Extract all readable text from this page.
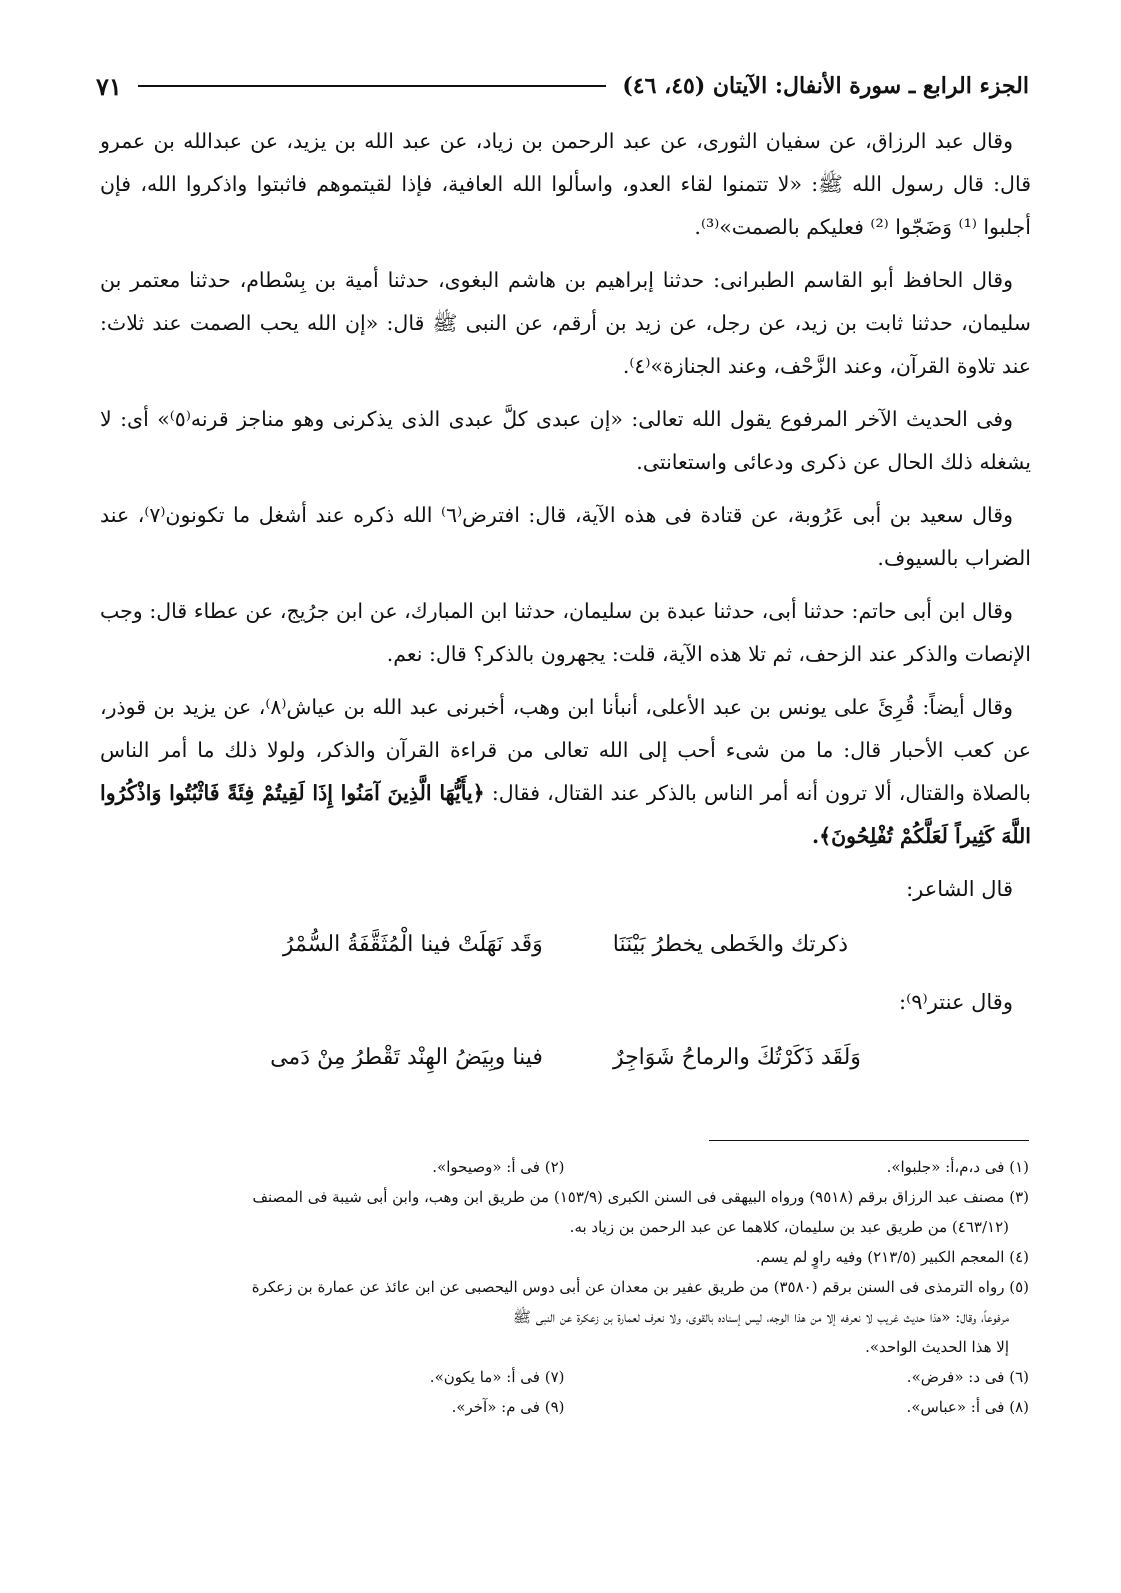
الجزء الرابع ـ سورة الأنفال: الآيتان (٤٥، ٤٦)
٧١

وقال عبد الرزاق، عن سفيان الثورى، عن عبد الرحمن بن زياد، عن عبد الله بن يزيد، عن عبدالله بن عمرو قال: قال رسول الله ﷺ: «لا تتمنوا لقاء العدو، واسألوا الله العافية، فإذا لقيتموهم فاثبتوا واذكروا الله، فإن أجلبوا ⁽¹⁾ وَضَجّوا ⁽²⁾ فعليكم بالصمت»⁽³⁾.

وقال الحافظ أبو القاسم الطبرانى: حدثنا إبراهيم بن هاشم البغوى، حدثنا أمية بن بِسْطام، حدثنا معتمر بن سليمان، حدثنا ثابت بن زيد، عن رجل، عن زيد بن أرقم، عن النبى ﷺ قال: «إن الله يحب الصمت عند ثلاث: عند تلاوة القرآن، وعند الزَّحْف، وعند الجنازة»⁽٤⁾.

وفى الحديث الآخر المرفوع يقول الله تعالى: «إن عبدى كلَّ عبدى الذى يذكرنى وهو مناجز قرنه⁽٥⁾» أى: لا يشغله ذلك الحال عن ذكرى ودعائى واستعانتى.

وقال سعيد بن أبى عَرُوبة، عن قتادة فى هذه الآية، قال: افترض⁽٦⁾ الله ذكره عند أشغل ما تكونون⁽٧⁾، عند الضراب بالسيوف.

وقال ابن أبى حاتم: حدثنا أبى، حدثنا عبدة بن سليمان، حدثنا ابن المبارك، عن ابن جرُيج، عن عطاء قال: وجب الإنصات والذكر عند الزحف، ثم تلا هذه الآية، قلت: يجهرون بالذكر؟ قال: نعم.

وقال أيضاً: قُرِئَ على يونس بن عبد الأعلى، أنبأنا ابن وهب، أخبرنى عبد الله بن عياش⁽٨⁾، عن يزيد بن قوذر، عن كعب الأحبار قال: ما من شىء أحب إلى الله تعالى من قراءة القرآن والذكر، ولولا ذلك ما أمر الناس بالصلاة والقتال، ألا ترون أنه أمر الناس بالذكر عند القتال، فقال: ﴿يأَيُّهَا الَّذِينَ آمَنُوا إِذَا لَقِيتُمْ فِئَةً فَاثْبُتُوا وَاذْكُرُوا اللَّهَ كَثِيراً لَعَلَّكُمْ تُفْلِحُونَ﴾.

قال الشاعر:
ذكرتك والخَطى يخطرُ بَيْنَنَا
وَقَد نَهَلَتْ فينا الْمُثَقَّفَةُ السُّمْرُ
وقال عنتر⁽٩⁾:
وَلَقَد ذَكَرْتُكَ والرماحُ شَوَاجِرٌ
فينا وبِيَضُ الهِنْد تَقْطرُ مِنْ دَمى
(١) فى د،م،أ: «جلبوا».
(٢) فى أ: «وصيحوا».
(٣) مصنف عبد الرزاق برقم (٩٥١٨) ورواه البيهقى فى السنن الكبرى (١٥٣/٩) من طريق ابن وهب، وابن أبى شيبة فى المصنف
(٤٦٣/١٢) من طريق عبد بن سليمان، كلاهما عن عبد الرحمن بن زياد به.
(٤) المعجم الكبير (٢١٣/٥) وفيه راوٍ لم يسم.
(٥) رواه الترمذى فى السنن برقم (٣٥٨٠) من طريق عفير بن معدان عن أبى دوس اليحصبى عن ابن عائذ عن عمارة بن زعكرة
مرفوعاً، وقال: «هذا حديث غريب لا نعرفه إلا من هذا الوجه، ليس إسناده بالقوى، ولا نعرف لعمارة بن زعكرة عن النبى ﷺ
إلا هذا الحديث الواحد».
(٦) فى د: «فرض».
(٧) فى أ: «ما يكون».
(٨) فى أ: «عباس».
(٩) فى م: «آخر».
